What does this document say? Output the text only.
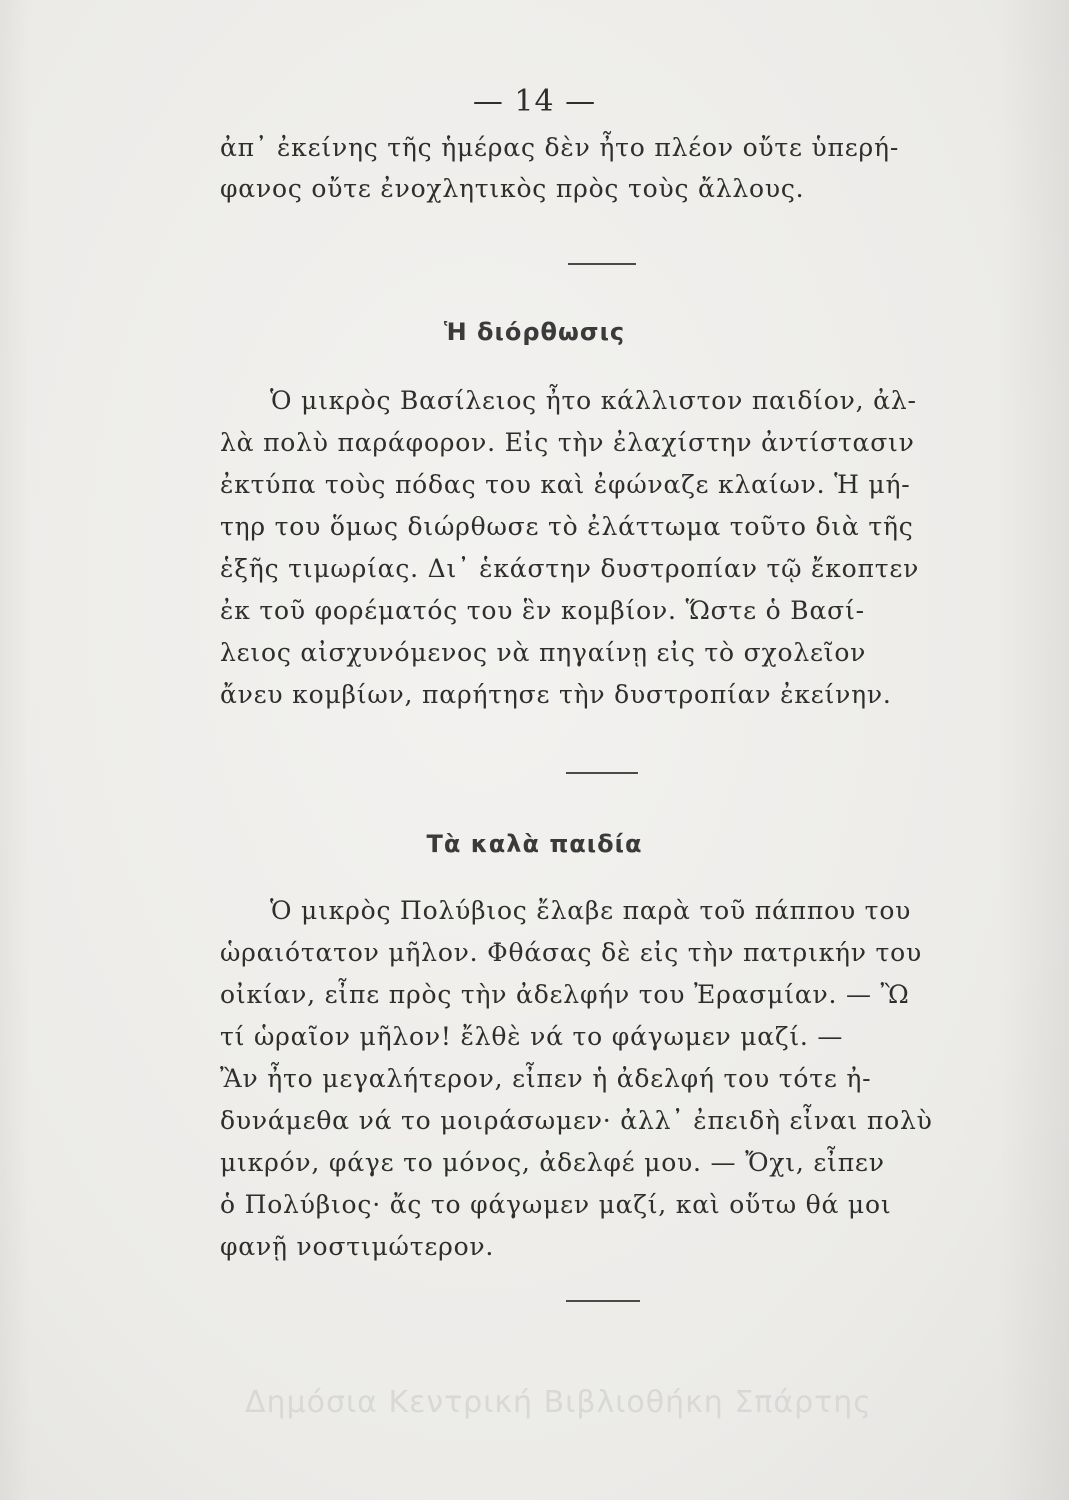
— 14 —
ἀπ᾽ ἐκείνης τῆς ἡμέρας δὲν ἦτο πλέον οὔτε ὑπερή-
φανος οὔτε ἐνοχλητικὸς πρὸς τοὺς ἄλλους.
Ἡ διόρθωσις
Ὁ μικρὸς Βασίλειος ἦτο κάλλιστον παιδίον, ἀλ-
λὰ πολὺ παράφορον. Εἰς τὴν ἐλαχίστην ἀντίστασιν
ἐκτύπα τοὺς πόδας του καὶ ἐφώναζε κλαίων. Ἡ μή-
τηρ του ὅμως διώρθωσε τὸ ἐλάττωμα τοῦτο διὰ τῆς
ἑξῆς τιμωρίας. Δι᾽ ἑκάστην δυστροπίαν τῷ ἔκοπτεν
ἐκ τοῦ φορέματός του ἓν κομβίον. Ὥστε ὁ Βασί-
λειος αἰσχυνόμενος νὰ πηγαίνῃ εἰς τὸ σχολεῖον
ἄνευ κομβίων, παρήτησε τὴν δυστροπίαν ἐκείνην.
Τὰ καλὰ παιδία
Ὁ μικρὸς Πολύβιος ἔλαβε παρὰ τοῦ πάππου του
ὡραιότατον μῆλον. Φθάσας δὲ εἰς τὴν πατρικήν του
οἰκίαν, εἶπε πρὸς τὴν ἀδελφήν του Ἐρασμίαν. — Ὢ
τί ὡραῖον μῆλον! ἔλθὲ νά το φάγωμεν μαζί. —
Ἂν ἦτο μεγαλήτερον, εἶπεν ἡ ἀδελφή του τότε ἠ-
δυνάμεθα νά το μοιράσωμεν· ἀλλ᾽ ἐπειδὴ εἶναι πολὺ
μικρόν, φάγε το μόνος, ἀδελφέ μου. — Ὄχι, εἶπεν
ὁ Πολύβιος· ἄς το φάγωμεν μαζί, καὶ οὕτω θά μοι
φανῇ νοστιμώτερον.
Δημόσια Κεντρική Βιβλιοθήκη Σπάρτης
